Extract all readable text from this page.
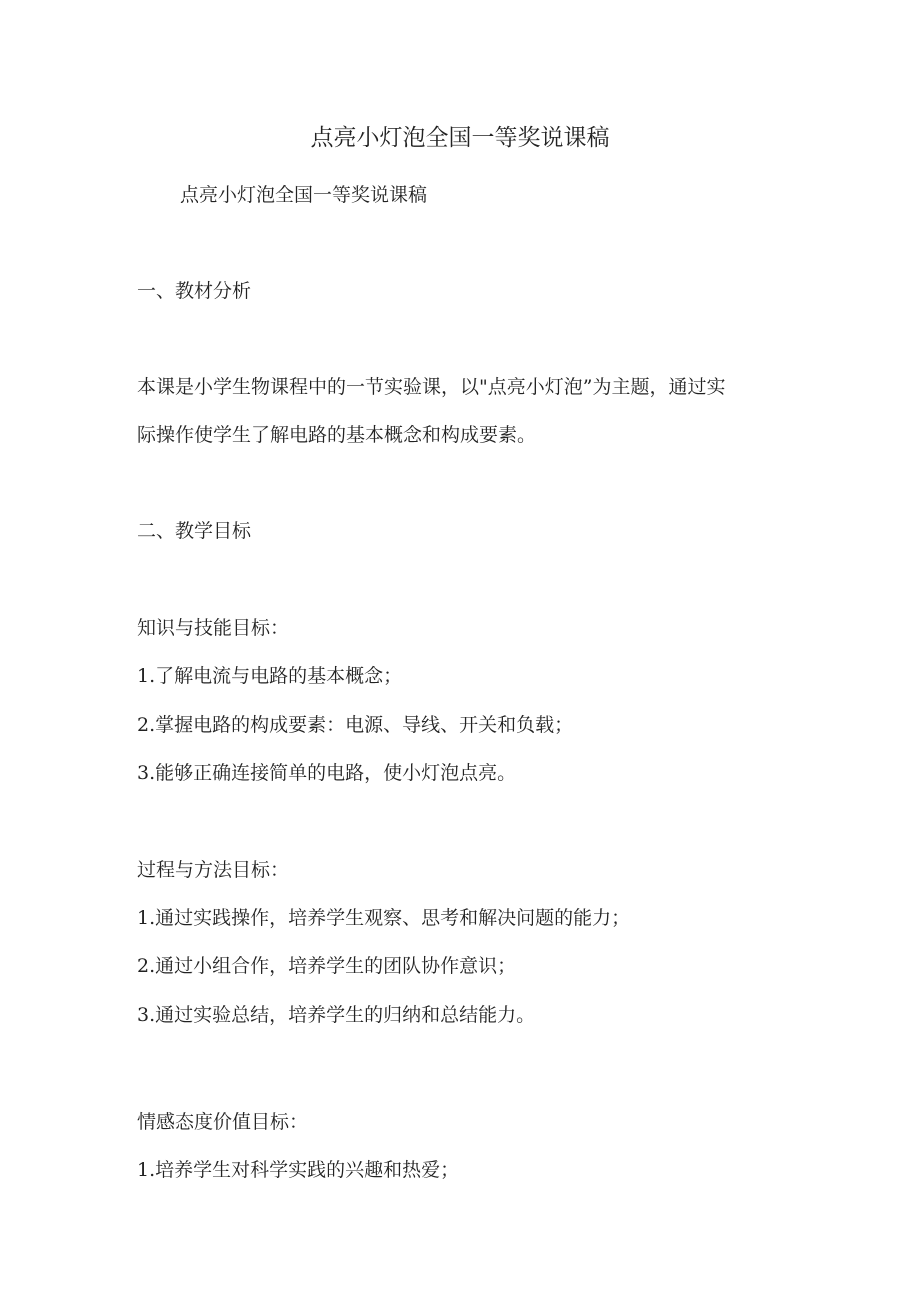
点亮小灯泡全国一等奖说课稿
点亮小灯泡全国一等奖说课稿
一、教材分析
本课是小学生物课程中的一节实验课，以"点亮小灯泡”为主题，通过实
际操作使学生了解电路的基本概念和构成要素。
二、教学目标
知识与技能目标：
1.了解电流与电路的基本概念；
2.掌握电路的构成要素：电源、导线、开关和负载；
3.能够正确连接简单的电路，使小灯泡点亮。
过程与方法目标：
1.通过实践操作，培养学生观察、思考和解决问题的能力；
2.通过小组合作，培养学生的团队协作意识；
3.通过实验总结，培养学生的归纳和总结能力。
情感态度价值目标：
1.培养学生对科学实践的兴趣和热爱；
